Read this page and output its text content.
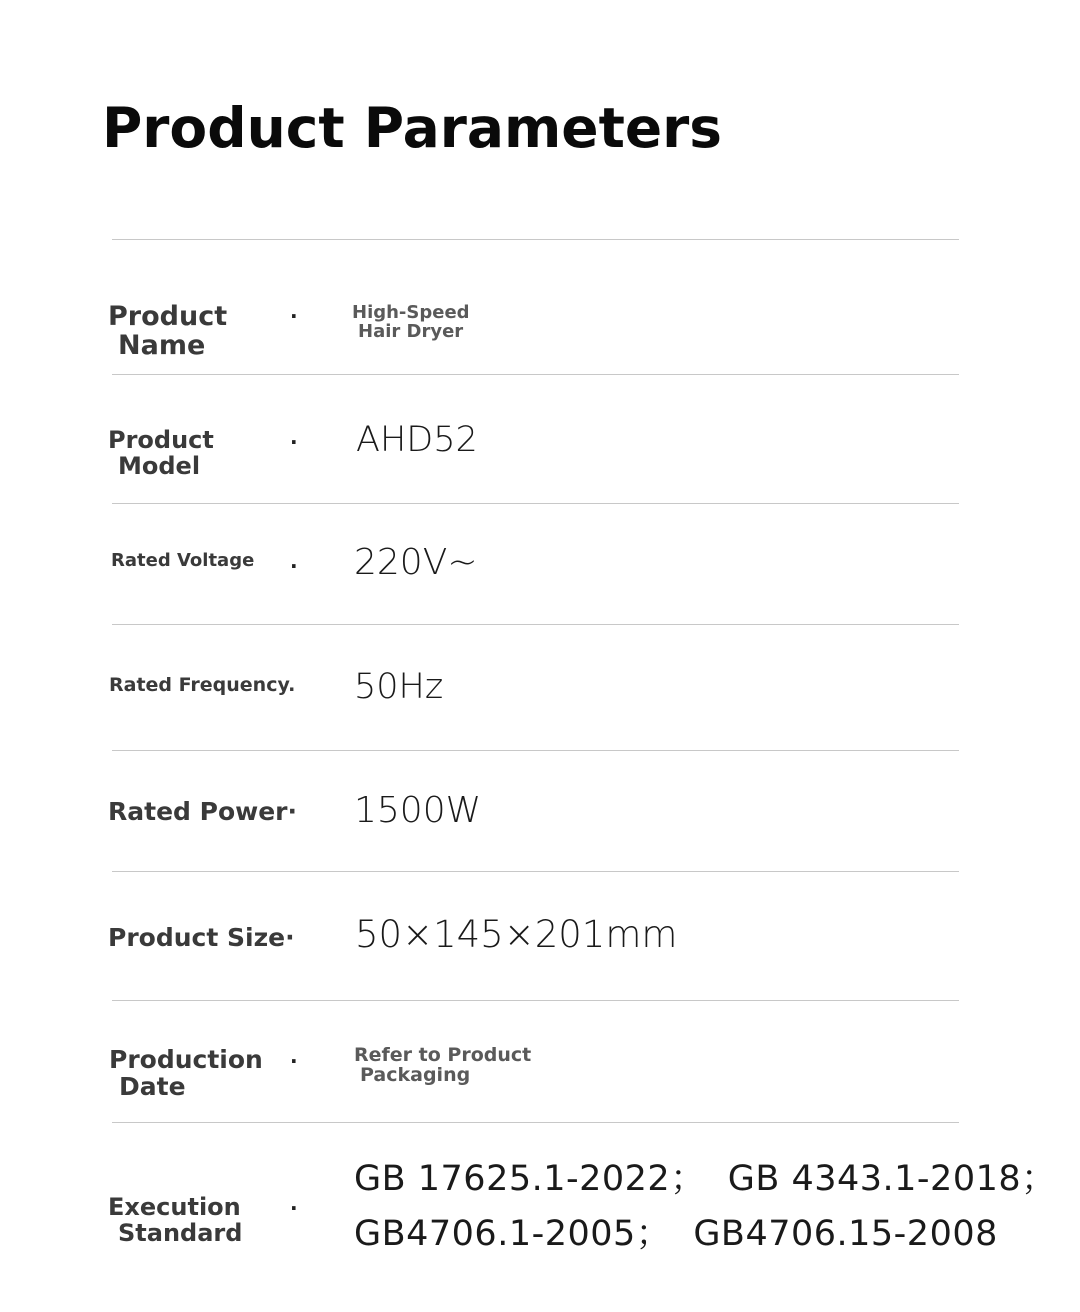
Product Parameters
Product
Name
·	High-Speed
Hair Dryer
Product
Model
· AHD52
Rated Voltage · 220V~
Rated Frequency. 50Hz
Rated Power· 1500W
Product Size· 50×145×201mm
Production
Date
·	Refer to Product
Packaging
Execution
Standard
·
GB 17625.1-2022； GB 4343.1-2018；
GB4706.1-2005； GB4706.15-2008
